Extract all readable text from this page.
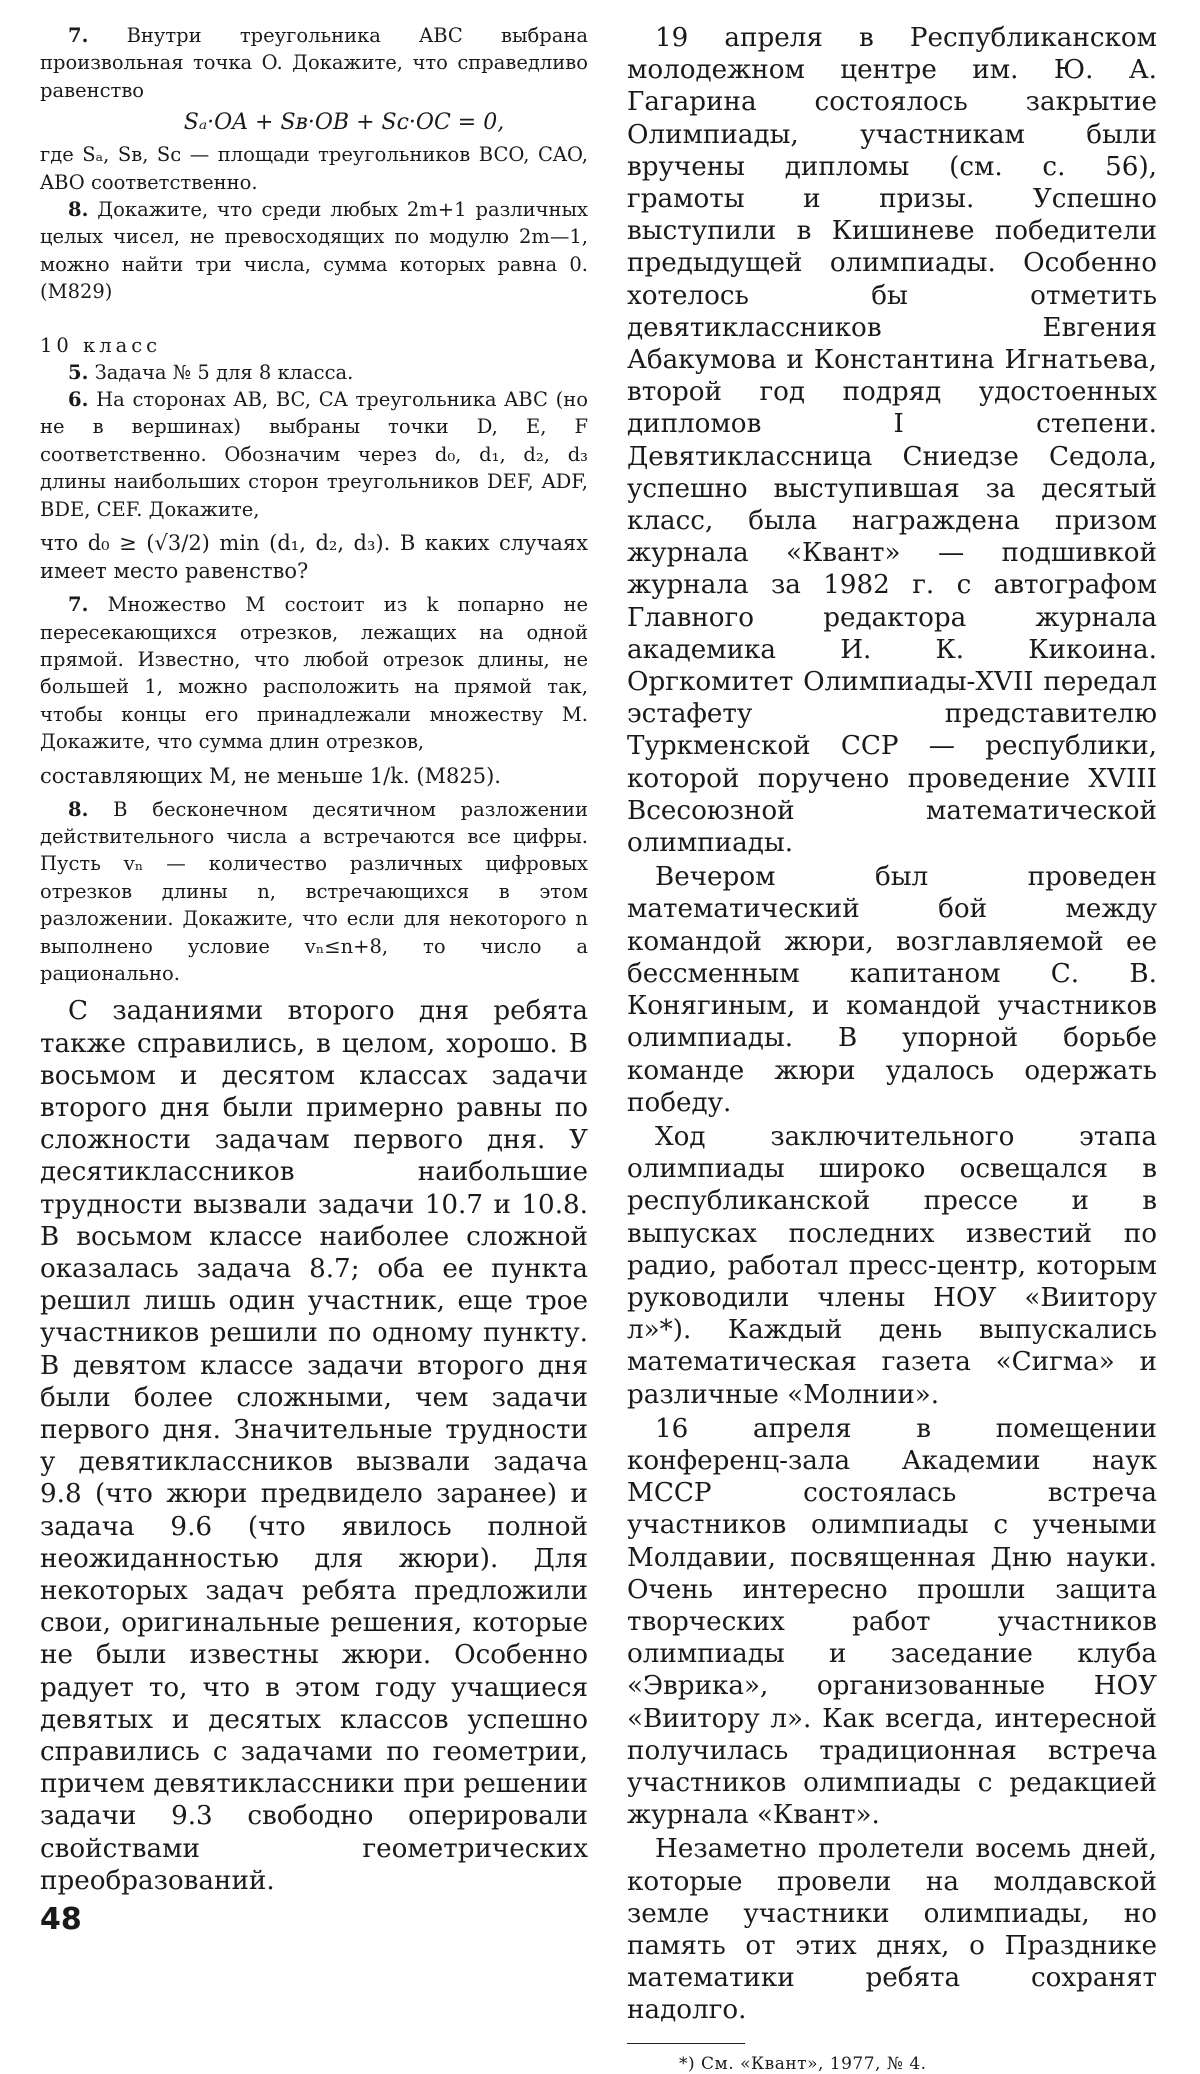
7. Внутри треугольника ABC выбрана произвольная точка O. Докажите, что справедливо равенство

Sₐ·OA + Sʙ·OB + Sᴄ·OC = 0,

где Sₐ, Sʙ, Sᴄ — площади треугольников BCO, CAO, ABO соответственно.

8. Докажите, что среди любых 2m+1 различных целых чисел, не превосходящих по модулю 2m—1, можно найти три числа, сумма которых равна 0. (М829)

10 класс

5. Задача № 5 для 8 класса.

6. На сторонах AB, BC, CA треугольника ABC (но не в вершинах) выбраны точки D, E, F соответственно. Обозначим через d₀, d₁, d₂, d₃ длины наибольших сторон треугольников DEF, ADF, BDE, CEF. Докажите,

что d₀ ≥ (√3/2) min (d₁, d₂, d₃). В каких случаях имеет место равенство?

7. Множество M состоит из k попарно не пересекающихся отрезков, лежащих на одной прямой. Известно, что любой отрезок длины, не большей 1, можно расположить на прямой так, чтобы концы его принадлежали множеству M. Докажите, что сумма длин отрезков,

составляющих M, не меньше 1/k. (М825).

8. В бесконечном десятичном разложении действительного числа a встречаются все цифры. Пусть vₙ — количество различных цифровых отрезков длины n, встречающихся в этом разложении. Докажите, что если для некоторого n выполнено условие vₙ≤n+8, то число a рационально.

С заданиями второго дня ребята также справились, в целом, хорошо. В восьмом и десятом классах задачи второго дня были примерно равны по сложности задачам первого дня. У десятиклассников наибольшие трудности вызвали задачи 10.7 и 10.8. В восьмом классе наиболее сложной оказалась задача 8.7; оба ее пункта решил лишь один участник, еще трое участников решили по одному пункту. В девятом классе задачи второго дня были более сложными, чем задачи первого дня. Значительные трудности у девятиклассников вызвали задача 9.8 (что жюри предвидело заранее) и задача 9.6 (что явилось полной неожиданностью для жюри). Для некоторых задач ребята предложили свои, оригинальные решения, которые не были известны жюри. Особенно радует то, что в этом году учащиеся девятых и десятых классов успешно справились с задачами по геометрии, причем девятиклассники при решении задачи 9.3 свободно оперировали свойствами геометрических преобразований.

19 апреля в Республиканском молодежном центре им. Ю. А. Гагарина состоялось закрытие Олимпиады, участникам были вручены дипломы (см. с. 56), грамоты и призы. Успешно выступили в Кишиневе победители предыдущей олимпиады. Особенно хотелось бы отметить девятиклассников Евгения Абакумова и Константина Игнатьева, второй год подряд удостоенных дипломов I степени. Девятиклассница Сниедзе Седола, успешно выступившая за десятый класс, была награждена призом журнала «Квант» — подшивкой журнала за 1982 г. с автографом Главного редактора журнала академика И. К. Кикоина. Оргкомитет Олимпиады-XVII передал эстафету представителю Туркменской ССР — республики, которой поручено проведение XVIII Всесоюзной математической олимпиады.

Вечером был проведен математический бой между командой жюри, возглавляемой ее бессменным капитаном С. В. Конягиным, и командой участников олимпиады. В упорной борьбе команде жюри удалось одержать победу.

Ход заключительного этапа олимпиады широко освещался в республиканской прессе и в выпусках последних известий по радио, работал пресс-центр, которым руководили члены НОУ «Виитору л»*). Каждый день выпускались математическая газета «Сигма» и различные «Молнии».

16 апреля в помещении конференц-зала Академии наук МССР состоялась встреча участников олимпиады с учеными Молдавии, посвященная Дню науки. Очень интересно прошли защита творческих работ участников олимпиады и заседание клуба «Эврика», организованные НОУ «Виитору л». Как всегда, интересной получилась традиционная встреча участников олимпиады с редакцией журнала «Квант».

Незаметно пролетели восемь дней, которые провели на молдавской земле участники олимпиады, но память от этих днях, о Празднике математики ребята сохранят надолго.

*) См. «Квант», 1977, № 4.
48
